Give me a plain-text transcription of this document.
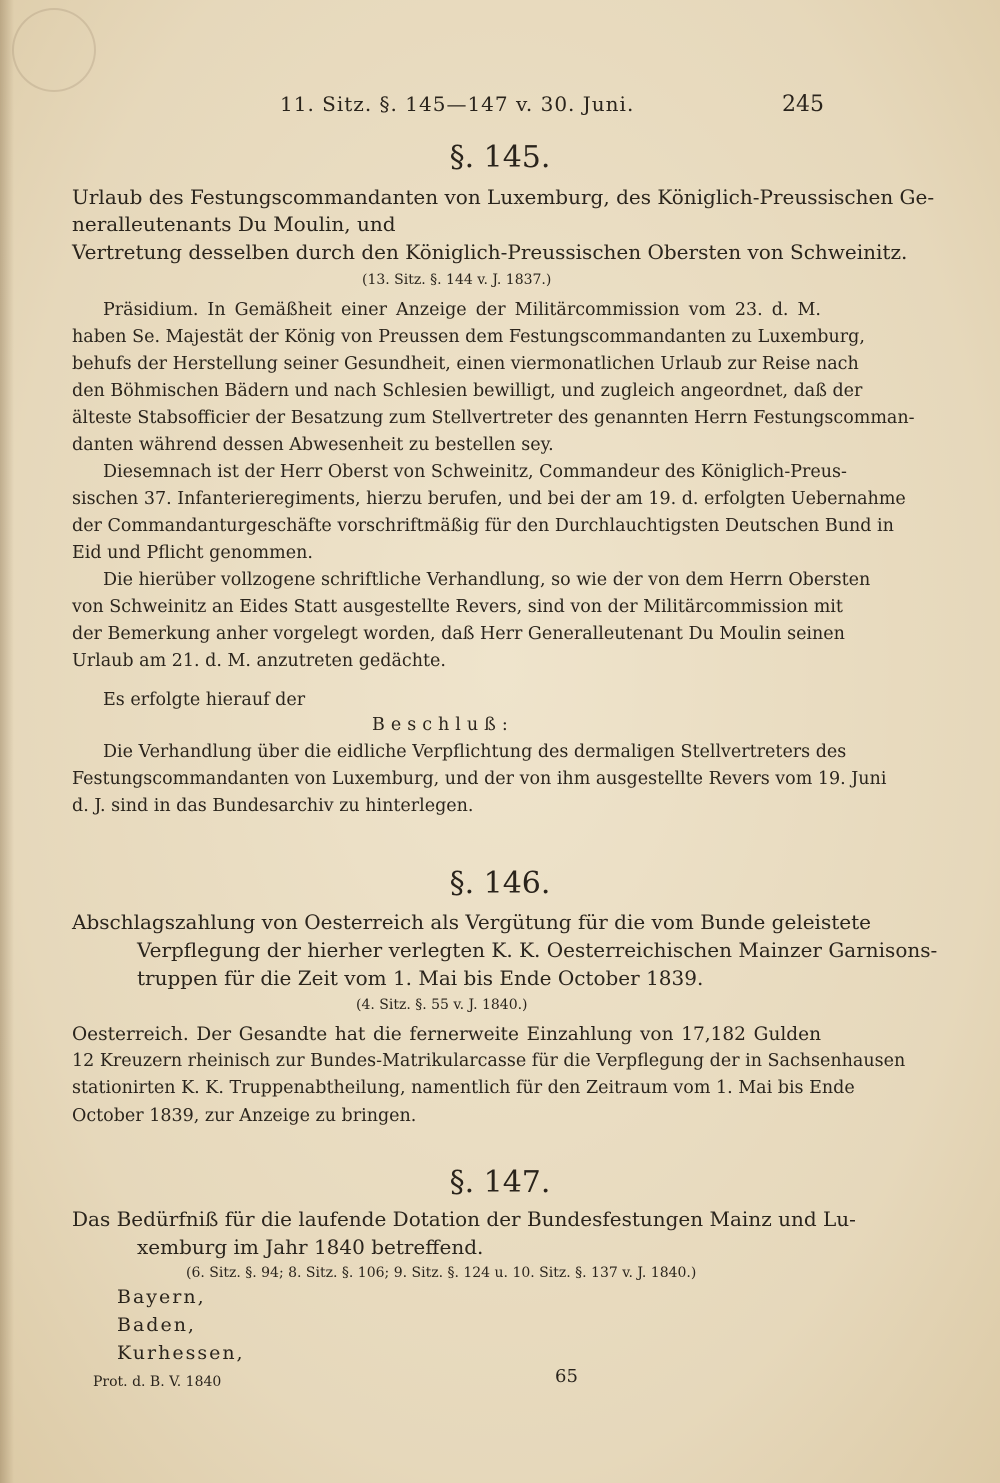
11. Sitz. §. 145—147 v. 30. Juni.	245
§. 145.
Urlaub des Festungscommandanten von Luxemburg, des Königlich-Preussischen Ge-
neralleutenants Du Moulin, und
Vertretung desselben durch den Königlich-Preussischen Obersten von Schweinitz.
(13. Sitz. §. 144 v. J. 1837.)
Präsidium. In Gemäßheit einer Anzeige der Militärcommission vom 23. d. M.
haben Se. Majestät der König von Preussen dem Festungscommandanten zu Luxemburg,
behufs der Herstellung seiner Gesundheit, einen viermonatlichen Urlaub zur Reise nach
den Böhmischen Bädern und nach Schlesien bewilligt, und zugleich angeordnet, daß der
älteste Stabsofficier der Besatzung zum Stellvertreter des genannten Herrn Festungscomman-
danten während dessen Abwesenheit zu bestellen sey.
Diesemnach ist der Herr Oberst von Schweinitz, Commandeur des Königlich-Preus-
sischen 37. Infanterieregiments, hierzu berufen, und bei der am 19. d. erfolgten Uebernahme
der Commandanturgeschäfte vorschriftmäßig für den Durchlauchtigsten Deutschen Bund in
Eid und Pflicht genommen.
Die hierüber vollzogene schriftliche Verhandlung, so wie der von dem Herrn Obersten
von Schweinitz an Eides Statt ausgestellte Revers, sind von der Militärcommission mit
der Bemerkung anher vorgelegt worden, daß Herr Generalleutenant Du Moulin seinen
Urlaub am 21. d. M. anzutreten gedächte.
Es erfolgte hierauf der
Beschluß:
Die Verhandlung über die eidliche Verpflichtung des dermaligen Stellvertreters des
Festungscommandanten von Luxemburg, und der von ihm ausgestellte Revers vom 19. Juni
d. J. sind in das Bundesarchiv zu hinterlegen.
§. 146.
Abschlagszahlung von Oesterreich als Vergütung für die vom Bunde geleistete
Verpflegung der hierher verlegten K. K. Oesterreichischen Mainzer Garnisons-
truppen für die Zeit vom 1. Mai bis Ende October 1839.
(4. Sitz. §. 55 v. J. 1840.)
Oesterreich. Der Gesandte hat die fernerweite Einzahlung von 17,182 Gulden
12 Kreuzern rheinisch zur Bundes-Matrikularcasse für die Verpflegung der in Sachsenhausen
stationirten K. K. Truppenabtheilung, namentlich für den Zeitraum vom 1. Mai bis Ende
October 1839, zur Anzeige zu bringen.
§. 147.
Das Bedürfniß für die laufende Dotation der Bundesfestungen Mainz und Lu-
xemburg im Jahr 1840 betreffend.
(6. Sitz. §. 94; 8. Sitz. §. 106; 9. Sitz. §. 124 u. 10. Sitz. §. 137 v. J. 1840.)
Bayern,
Baden,
Kurhessen,
Prot. d. B. V. 1840	65
